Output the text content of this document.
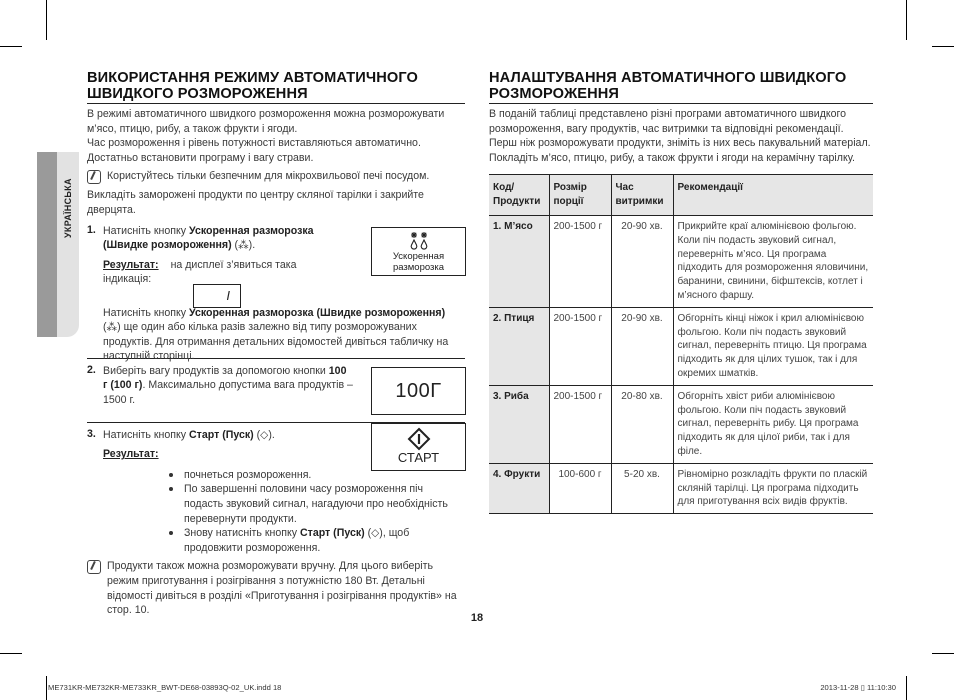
УКРАЇНСЬКА
ВИКОРИСТАННЯ РЕЖИМУ АВТОМАТИЧНОГО ШВИДКОГО РОЗМОРОЖЕННЯ

В режимі автоматичного швидкого розмороження можна розморожувати м’ясо, птицю, рибу, а також фрукти і ягоди.

Час розмороження і рівень потужності виставляються автоматично. Достатньо встановити програму і вагу страви.

Користуйтесь тільки безпечним для мікрохвильової печі посудом.

Викладіть заморожені продукти по центру скляної тарілки і закрийте дверцята.

1. Натисніть кнопку Ускоренная разморозка (Швидке розмороження) (⁂).

Результат: на дисплеї з’явиться така індикація:

I

Натисніть кнопку Ускоренная разморозка (Швидке розмороження) (⁂) ще один або кілька разів залежно від типу розморожуваних продуктів. Для отримання детальних відомостей дивіться табличку на наступній сторінці.

Ускоренная
разморозка
2. Виберіть вагу продуктів за допомогою кнопки 100 г (100 г). Максимально допустима вага продуктів – 1500 г.	100Г
3. Натисніть кнопку Старт (Пуск) (◇).

Результат:

почнеться розмороження.
По завершенні половини часу розмороження піч подасть звуковий сигнал, нагадуючи про необхідність перевернути продукти.
Знову натисніть кнопку Старт (Пуск) (◇), щоб продовжити розмороження.
СТАРТ

Продукти також можна розморожувати вручну. Для цього виберіть режим приготування і розігрівання з потужністю 180 Вт. Детальні відомості дивіться в розділі «Приготування і розігрівання продуктів» на стор. 10.

НАЛАШТУВАННЯ АВТОМАТИЧНОГО ШВИДКОГО РОЗМОРОЖЕННЯ

В поданій таблиці представлено різні програми автоматичного швидкого розмороження, вагу продуктів, час витримки та відповідні рекомендації.

Перш ніж розморожувати продукти, зніміть із них весь пакувальний матеріал. Покладіть м’ясо, птицю, рибу, а також фрукти і ягоди на керамічну тарілку.

Код/ Продукти	Розмір порції	Час витримки	Рекомендації
1. М’ясо	200-1500 г	20-90 хв.	Прикрийте краї алюмінієвою фольгою. Коли піч подасть звуковий сигнал, переверніть м’ясо. Ця програма підходить для розмороження яловичини, баранини, свинини, біфштексів, котлет і м’ясного фаршу.
2. Птиця	200-1500 г	20-90 хв.	Обгорніть кінці ніжок і крил алюмінієвою фольгою. Коли піч подасть звуковий сигнал, переверніть птицю. Ця програма підходить як для цілих тушок, так і для окремих шматків.
3. Риба	200-1500 г	20-80 хв.	Обгорніть хвіст риби алюмінієвою фольгою. Коли піч подасть звуковий сигнал, переверніть рибу. Ця програма підходить як для цілої риби, так і для філе.
4. Фрукти	100-600 г	5-20 хв.	Рівномірно розкладіть фрукти по пласкій скляній тарілці. Ця програма підходить для приготування всіх видів фруктів.
18
ME731KR-ME732KR-ME733KR_BWT-DE68-03893Q-02_UK.indd 18	2013-11-28 ▯ 11:10:30
